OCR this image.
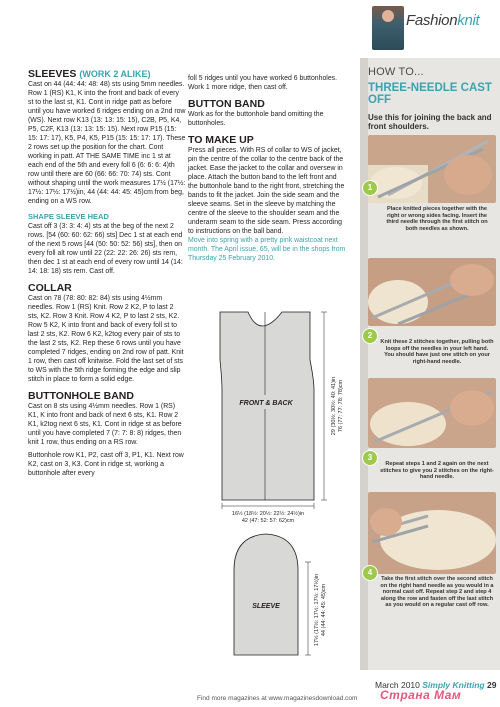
Fashionknit
SLEEVES (WORK 2 ALIKE)

Cast on 44 (44: 44: 48: 48) sts using 5mm needles. Row 1 (RS) K1, K into the front and back of every st to the last st, K1. Cont in ridge patt as before until you have worked 6 ridges ending on a 2nd row (WS). Next row K13 (13: 13: 15: 15), C2B, P5, K4, P5, C2F, K13 (13: 13: 15: 15). Next row P15 (15: 15: 17: 17), K5, P4, K5, P15 (15: 15: 17: 17). These 2 rows set up the position for the chart. Cont working in patt. AT THE SAME TIME inc 1 st at each end of the 5th and every foll 6 (6: 6: 6: 4)th row until there are 60 (66: 66: 70: 74) sts. Cont without shaping until the work measures 17½ (17½: 17½: 17½: 17½)in, 44 (44: 44: 45: 45)cm from beg, ending on a WS row.

SHAPE SLEEVE HEAD

Cast off 3 (3: 3: 4: 4) sts at the beg of the next 2 rows. [54 (60: 60: 62: 66) sts] Dec 1 st at each end of the next 5 rows [44 (50: 50: 52: 56) sts], then on every foll alt row until 22 (22: 22: 26: 26) sts rem, then dec 1 st at each end of every row until 14 (14: 14: 18: 18) sts rem. Cast off.

COLLAR

Cast on 78 (78: 80: 82: 84) sts using 4½mm needles. Row 1 (RS) Knit. Row 2 K2, P to last 2 sts, K2. Row 3 Knit. Row 4 K2, P to last 2 sts, K2. Row 5 K2, K into front and back of every foll st to last 2 sts, K2. Row 6 K2, k2tog every pair of sts to the last 2 sts, K2. Rep these 6 rows until you have completed 7 ridges, ending on 2nd row of patt. Knit 1 row, then cast off knitwise. Fold the last set of sts to WS with the 5th ridge forming the edge and slip stitch in place to form a solid edge.

BUTTONHOLE BAND

Cast on 8 sts using 4½mm needles. Row 1 (RS) K1, K into front and back of next 6 sts, K1. Row 2 K1, k2tog next 6 sts, K1. Cont in ridge st as before until you have completed 7 (7: 7: 8: 8) ridges, then knit 1 row, thus ending on a RS row.

Buttonhole row K1, P2, cast off 3, P1, K1. Next row K2, cast on 3, K3. Cont in ridge st, working a buttonhole after every

foll 5 ridges until you have worked 6 buttonholes. Work 1 more ridge, then cast off.

BUTTON BAND

Work as for the buttonhole band omitting the buttonholes.

TO MAKE UP

Press all pieces. With RS of collar to WS of jacket, pin the centre of the collar to the centre back of the jacket. Ease the jacket to the collar and oversew in place. Attach the button band to the left front and the buttonhole band to the right front, stretching the bands to fit the jacket. Join the side seam and the sleeve seams. Set in the sleeve by matching the centre of the sleeve to the shoulder seam and the underarm seam to the side seam. Press according to instructions on the ball band.

Move into spring with a pretty pink waistcoat next month. The April issue, 65, will be in the shops from Thursday 25 February 2010.

FRONT & BACK	29 (30½: 30½: 40: 41)in 76 (77: 77: 78: 78)cm
16½ (18½: 20½: 22½: 24½)in
42 (47: 52: 57: 62)cm
SLEEVE	17½ (17½: 17½: 17½: 17½)in 44 (44: 44: 45: 45)cm
HOW TO...
THREE-NEEDLE CAST OFF
Use this for joining the back and front shoulders.
1
Place knitted pieces together with the right or wrong sides facing. Insert the third needle through the first stitch on both needles as shown.
2
Knit these 2 stitches together, pulling both loops off the needles in your left hand. You should have just one stitch on your right-hand needle.
3
Repeat steps 1 and 2 again on the next stitches to give you 2 stitches on the right-hand needle.
4
Take the first stitch over the second stitch on the right hand needle as you would in a normal cast off. Repeat step 2 and step 4 along the row and fasten off the last stitch as you would on a regular cast off row.
Find more magazines at www.magazinesdownload.com
March 2010 Simply Knitting 29
Страна Мам
